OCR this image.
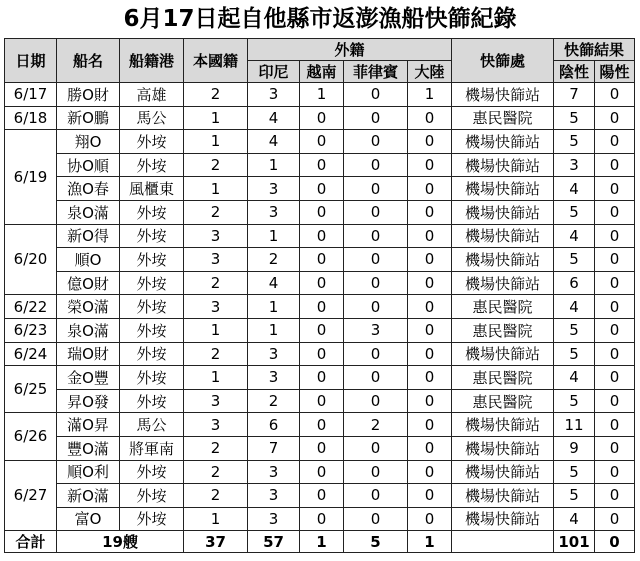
6月17日起自他縣市返澎漁船快篩紀錄
日期	船名	船籍港	本國籍	外籍				快篩處	快篩結果	
				印尼	越南	菲律賓	大陸		陰性	陽性
6/17	勝O財	高雄	2	3	1	0	1	機場快篩站	7	0
6/18	新O鵬	馬公	1	4	0	0	0	惠民醫院	5	0
6/19	翔O	外垵	1	4	0	0	0	機場快篩站	5	0
	协O順	外垵	2	1	0	0	0	機場快篩站	3	0
	漁O春	風櫃東	1	3	0	0	0	機場快篩站	4	0
	泉O滿	外垵	2	3	0	0	0	機場快篩站	5	0
6/20	新O得	外垵	3	1	0	0	0	機場快篩站	4	0
	順O	外垵	3	2	0	0	0	機場快篩站	5	0
	億O財	外垵	2	4	0	0	0	機場快篩站	6	0
6/22	榮O滿	外垵	3	1	0	0	0	惠民醫院	4	0
6/23	泉O滿	外垵	1	1	0	3	0	惠民醫院	5	0
6/24	瑞O財	外垵	2	3	0	0	0	機場快篩站	5	0
6/25	金O豐	外垵	1	3	0	0	0	惠民醫院	4	0
	昇O發	外垵	3	2	0	0	0	惠民醫院	5	0
6/26	滿O昇	馬公	3	6	0	2	0	機場快篩站	11	0
	豐O滿	將軍南	2	7	0	0	0	機場快篩站	9	0
6/27	順O利	外垵	2	3	0	0	0	機場快篩站	5	0
	新O滿	外垵	2	3	0	0	0	機場快篩站	5	0
	富O	外垵	1	3	0	0	0	機場快篩站	4	0
合計	19艘		37	57	1	5	1		101	0
